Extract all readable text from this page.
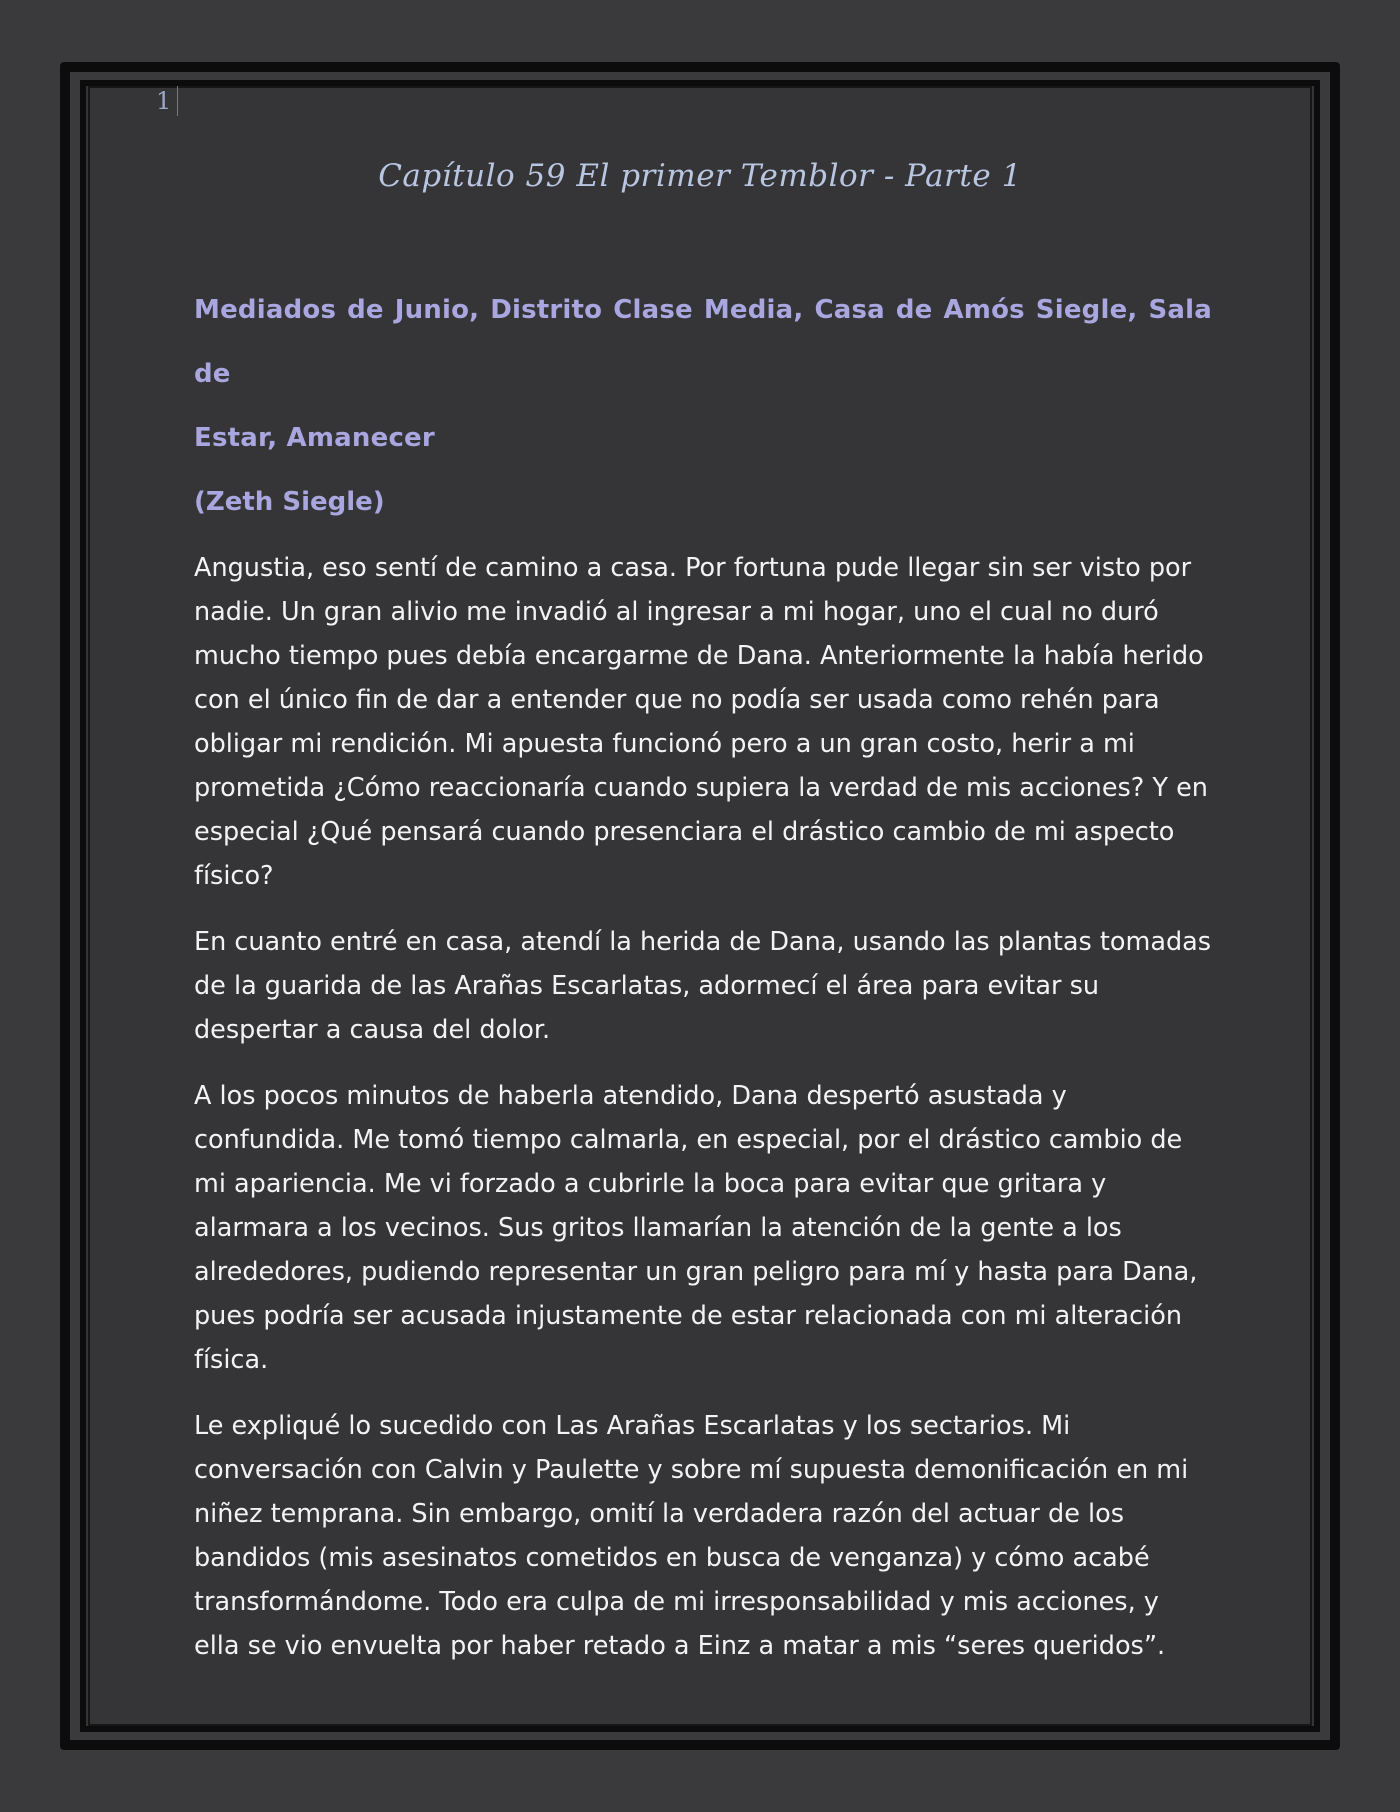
1
Capítulo 59 El primer Temblor - Parte 1

Mediados de Junio, Distrito Clase Media, Casa de Amós Siegle, Sala de
Estar, Amanecer

(Zeth Siegle)

Angustia, eso sentí de camino a casa. Por fortuna pude llegar sin ser visto por nadie. Un gran alivio me invadió al ingresar a mi hogar, uno el cual no duró mucho tiempo pues debía encargarme de Dana. Anteriormente la había herido con el único fin de dar a entender que no podía ser usada como rehén para obligar mi rendición. Mi apuesta funcionó pero a un gran costo, herir a mi prometida ¿Cómo reaccionaría cuando supiera la verdad de mis acciones? Y en especial ¿Qué pensará cuando presenciara el drástico cambio de mi aspecto físico?

En cuanto entré en casa, atendí la herida de Dana, usando las plantas tomadas de la guarida de las Arañas Escarlatas, adormecí el área para evitar su despertar a causa del dolor.

A los pocos minutos de haberla atendido, Dana despertó asustada y confundida. Me tomó tiempo calmarla, en especial, por el drástico cambio de mi apariencia. Me vi forzado a cubrirle la boca para evitar que gritara y alarmara a los vecinos. Sus gritos llamarían la atención de la gente a los alrededores, pudiendo representar un gran peligro para mí y hasta para Dana, pues podría ser acusada injustamente de estar relacionada con mi alteración física.

Le expliqué lo sucedido con Las Arañas Escarlatas y los sectarios. Mi conversación con Calvin y Paulette y sobre mí supuesta demonificación en mi niñez temprana. Sin embargo, omití la verdadera razón del actuar de los bandidos (mis asesinatos cometidos en busca de venganza) y cómo acabé transformándome. Todo era culpa de mi irresponsabilidad y mis acciones, y ella se vio envuelta por haber retado a Einz a matar a mis “seres queridos”.
